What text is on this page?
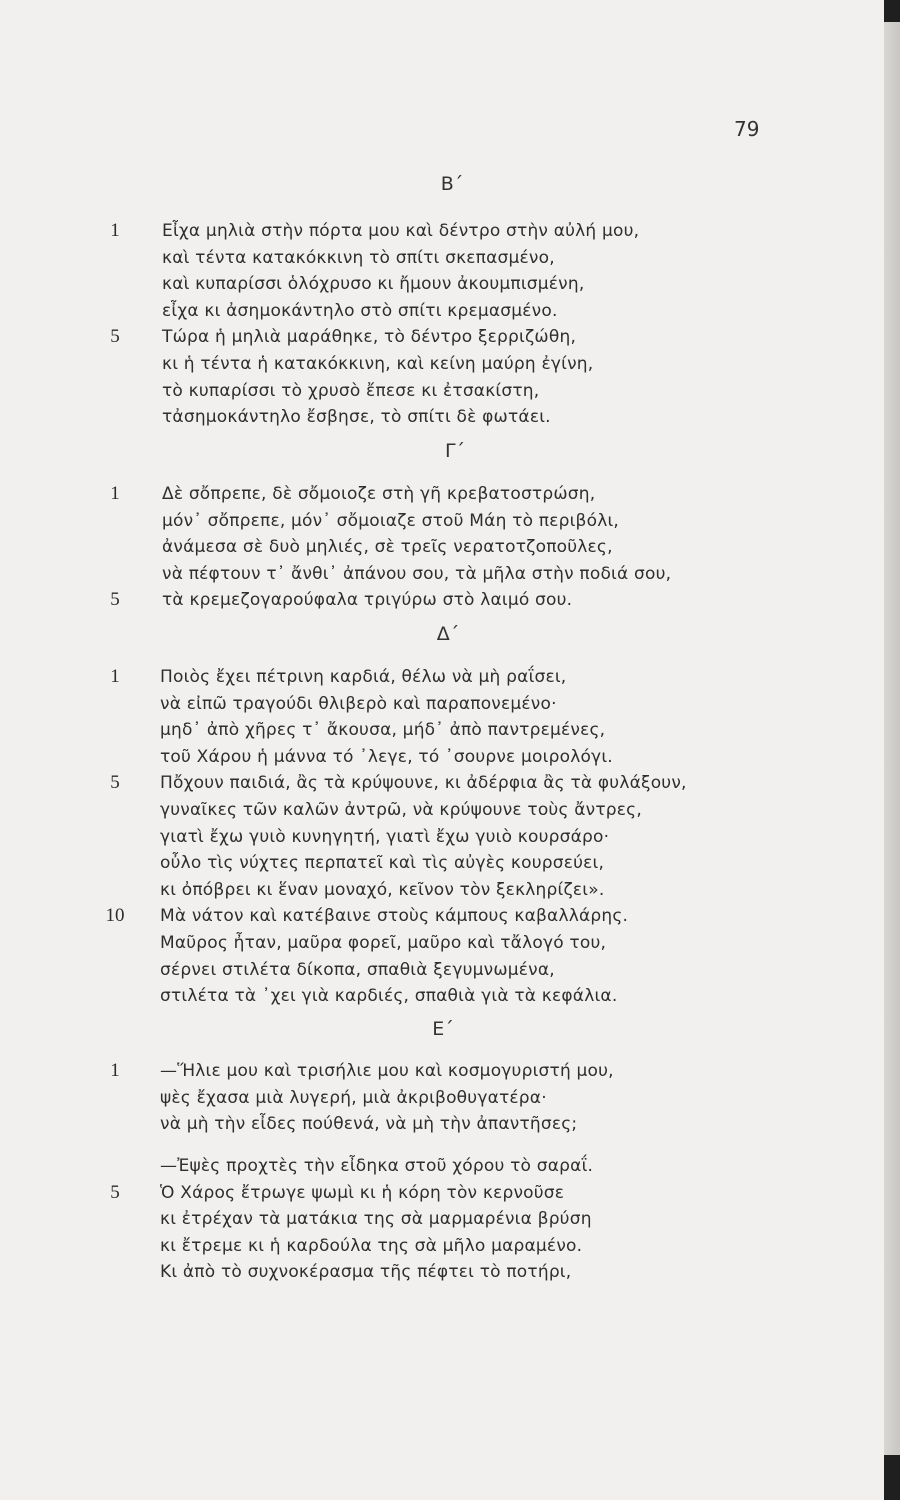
79
Β΄
1	Εἶχα μηλιὰ στὴν πόρτα μου καὶ δέντρο στὴν αὐλή μου,
καὶ τέντα κατακόκκινη τὸ σπίτι σκεπασμένο,
καὶ κυπαρίσσι ὁλόχρυσο κι ἤμουν ἀκουμπισμένη,
εἶχα κι ἀσημοκάντηλο στὸ σπίτι κρεμασμένο.
5	Τώρα ἡ μηλιὰ μαράθηκε, τὸ δέντρο ξερριζώθη,
κι ἡ τέντα ἡ κατακόκκινη, καὶ κείνη μαύρη ἐγίνη,
τὸ κυπαρίσσι τὸ χρυσὸ ἔπεσε κι ἐτσακίστη,
τἀσημοκάντηλο ἔσβησε, τὸ σπίτι δὲ φωτάει.
Γ΄
1	Δὲ σὄπρεπε, δὲ σὄμοιοζε στὴ γῆ κρεβατοστρώση,
μόν᾽ σὄπρεπε, μόν᾽ σὄμοιαζε στοῦ Μάη τὸ περιβόλι,
ἀνάμεσα σὲ δυὸ μηλιές, σὲ τρεῖς νερατοτζοποῦλες,
νὰ πέφτουν τ᾽ ἄνθι᾽ ἀπάνου σου, τὰ μῆλα στὴν ποδιά σου,
5	τὰ κρεμεζογαρούφαλα τριγύρω στὸ λαιμό σου.
Δ΄
1	Ποιὸς ἔχει πέτρινη καρδιά, θέλω νὰ μὴ ραΐσει,
νὰ εἰπῶ τραγούδι θλιβερὸ καὶ παραπονεμένο·
μηδ᾽ ἀπὸ χῆρες τ᾽ ἄκουσα, μήδ᾽ ἀπὸ παντρεμένες,
τοῦ Χάρου ἡ μάννα τό ᾽λεγε, τό ᾽σουρνε μοιρολόγι.
5	Πὄχουν παιδιά, ἂς τὰ κρύψουνε, κι ἀδέρφια ἂς τὰ φυλάξουν,
γυναῖκες τῶν καλῶν ἀντρῶ, νὰ κρύψουνε τοὺς ἄντρες,
γιατὶ ἔχω γυιὸ κυνηγητή, γιατὶ ἔχω γυιὸ κουρσάρο·
οὖλο τὶς νύχτες περπατεῖ καὶ τὶς αὐγὲς κουρσεύει,
κι ὀπόβρει κι ἕναν μοναχό, κεῖνον τὸν ξεκληρίζει».
10 Μὰ νάτον καὶ κατέβαινε στοὺς κάμπους καβαλλάρης.
Μαῦρος ἦταν, μαῦρα φορεῖ, μαῦρο καὶ τἄλογό του,
σέρνει στιλέτα δίκοπα, σπαθιὰ ξεγυμνωμένα,
στιλέτα τὰ ᾽χει γιὰ καρδιές, σπαθιὰ γιὰ τὰ κεφάλια.
Ε΄
1	—Ἥλιε μου καὶ τρισήλιε μου καὶ κοσμογυριστή μου,
ψὲς ἔχασα μιὰ λυγερή, μιὰ ἀκριβοθυγατέρα·
νὰ μὴ τὴν εἶδες πούθενά, νὰ μὴ τὴν ἀπαντῆσες;
—Ἐψὲς προχτὲς τὴν εἶδηκα στοῦ χόρου τὸ σαραΐ.
5	Ὁ Χάρος ἔτρωγε ψωμὶ κι ἡ κόρη τὸν κερνοῦσε
κι ἐτρέχαν τὰ ματάκια της σὰ μαρμαρένια βρύση
κι ἔτρεμε κι ἡ καρδούλα της σὰ μῆλο μαραμένο.
Κι ἀπὸ τὸ συχνοκέρασμα τῆς πέφτει τὸ ποτήρι,
